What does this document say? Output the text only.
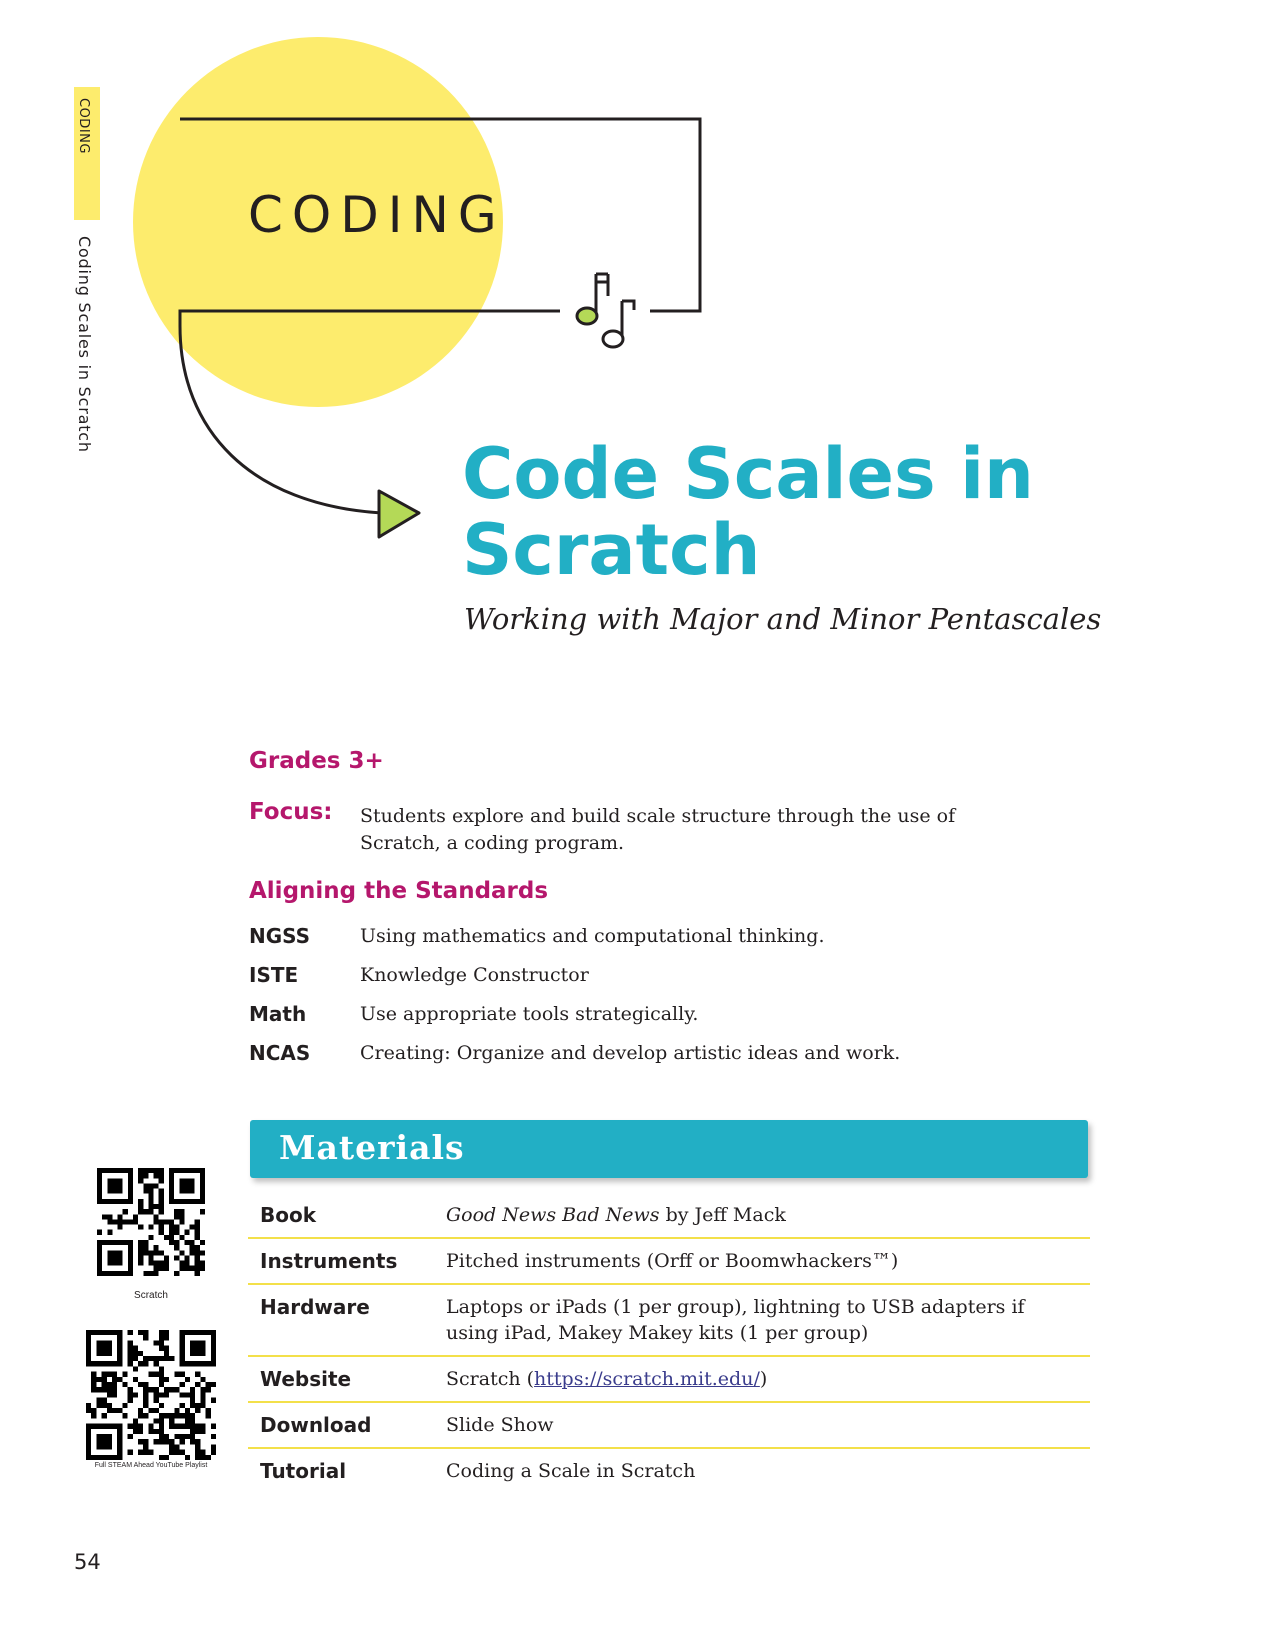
CODING
Coding Scales in Scratch
CODING
Code Scales in Scratch
Working with Major and Minor Pentascales
Grades 3+
Focus: Students explore and build scale structure through the use of Scratch, a coding program.
Aligning the Standards
NGSS	Using mathematics and computational thinking.
ISTE	Knowledge Constructor
Math	Use appropriate tools strategically.
NCAS	Creating: Organize and develop artistic ideas and work.
Materials
Book	Good News Bad News by Jeff Mack
Instruments	Pitched instruments (Orff or Boomwhackers™)
Hardware	Laptops or iPads (1 per group), lightning to USB adapters if using iPad, Makey Makey kits (1 per group)
Website	Scratch (https://scratch.mit.edu/)
Download	Slide Show
Tutorial	Coding a Scale in Scratch
Scratch
Full STEAM Ahead YouTube Playlist
54
